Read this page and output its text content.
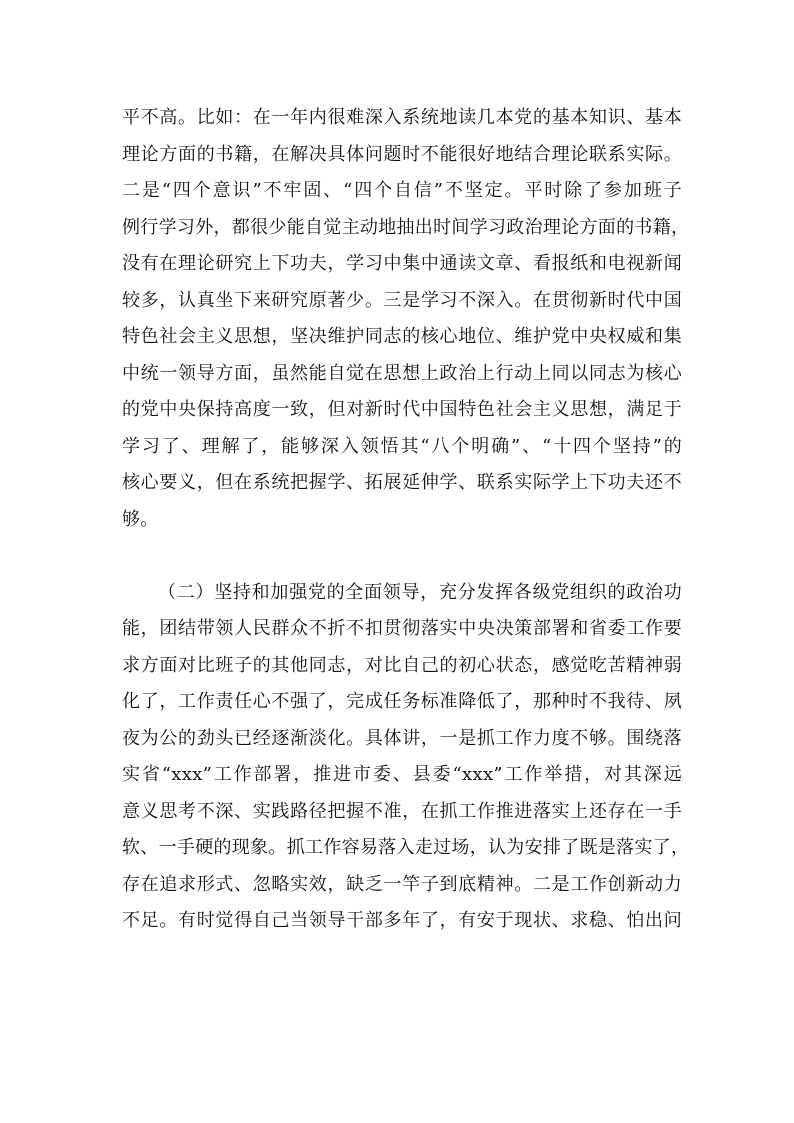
平不高。比如：在一年内很难深入系统地读几本党的基本知识、基本
理论方面的书籍，在解决具体问题时不能很好地结合理论联系实际。
二是“四个意识”不牢固、“四个自信”不坚定。平时除了参加班子
例行学习外，都很少能自觉主动地抽出时间学习政治理论方面的书籍，
没有在理论研究上下功夫，学习中集中通读文章、看报纸和电视新闻
较多，认真坐下来研究原著少。三是学习不深入。在贯彻新时代中国
特色社会主义思想，坚决维护同志的核心地位、维护党中央权威和集
中统一领导方面，虽然能自觉在思想上政治上行动上同以同志为核心
的党中央保持高度一致，但对新时代中国特色社会主义思想，满足于
学习了、理解了，能够深入领悟其“八个明确”、“十四个坚持”的
核心要义，但在系统把握学、拓展延伸学、联系实际学上下功夫还不
够。
（二）坚持和加强党的全面领导，充分发挥各级党组织的政治功
能，团结带领人民群众不折不扣贯彻落实中央决策部署和省委工作要
求方面对比班子的其他同志，对比自己的初心状态，感觉吃苦精神弱
化了，工作责任心不强了，完成任务标准降低了，那种时不我待、夙
夜为公的劲头已经逐渐淡化。具体讲，一是抓工作力度不够。围绕落
实省“xxx”工作部署，推进市委、县委“xxx”工作举措，对其深远
意义思考不深、实践路径把握不准，在抓工作推进落实上还存在一手
软、一手硬的现象。抓工作容易落入走过场，认为安排了既是落实了，
存在追求形式、忽略实效，缺乏一竿子到底精神。二是工作创新动力
不足。有时觉得自己当领导干部多年了，有安于现状、求稳、怕出问
